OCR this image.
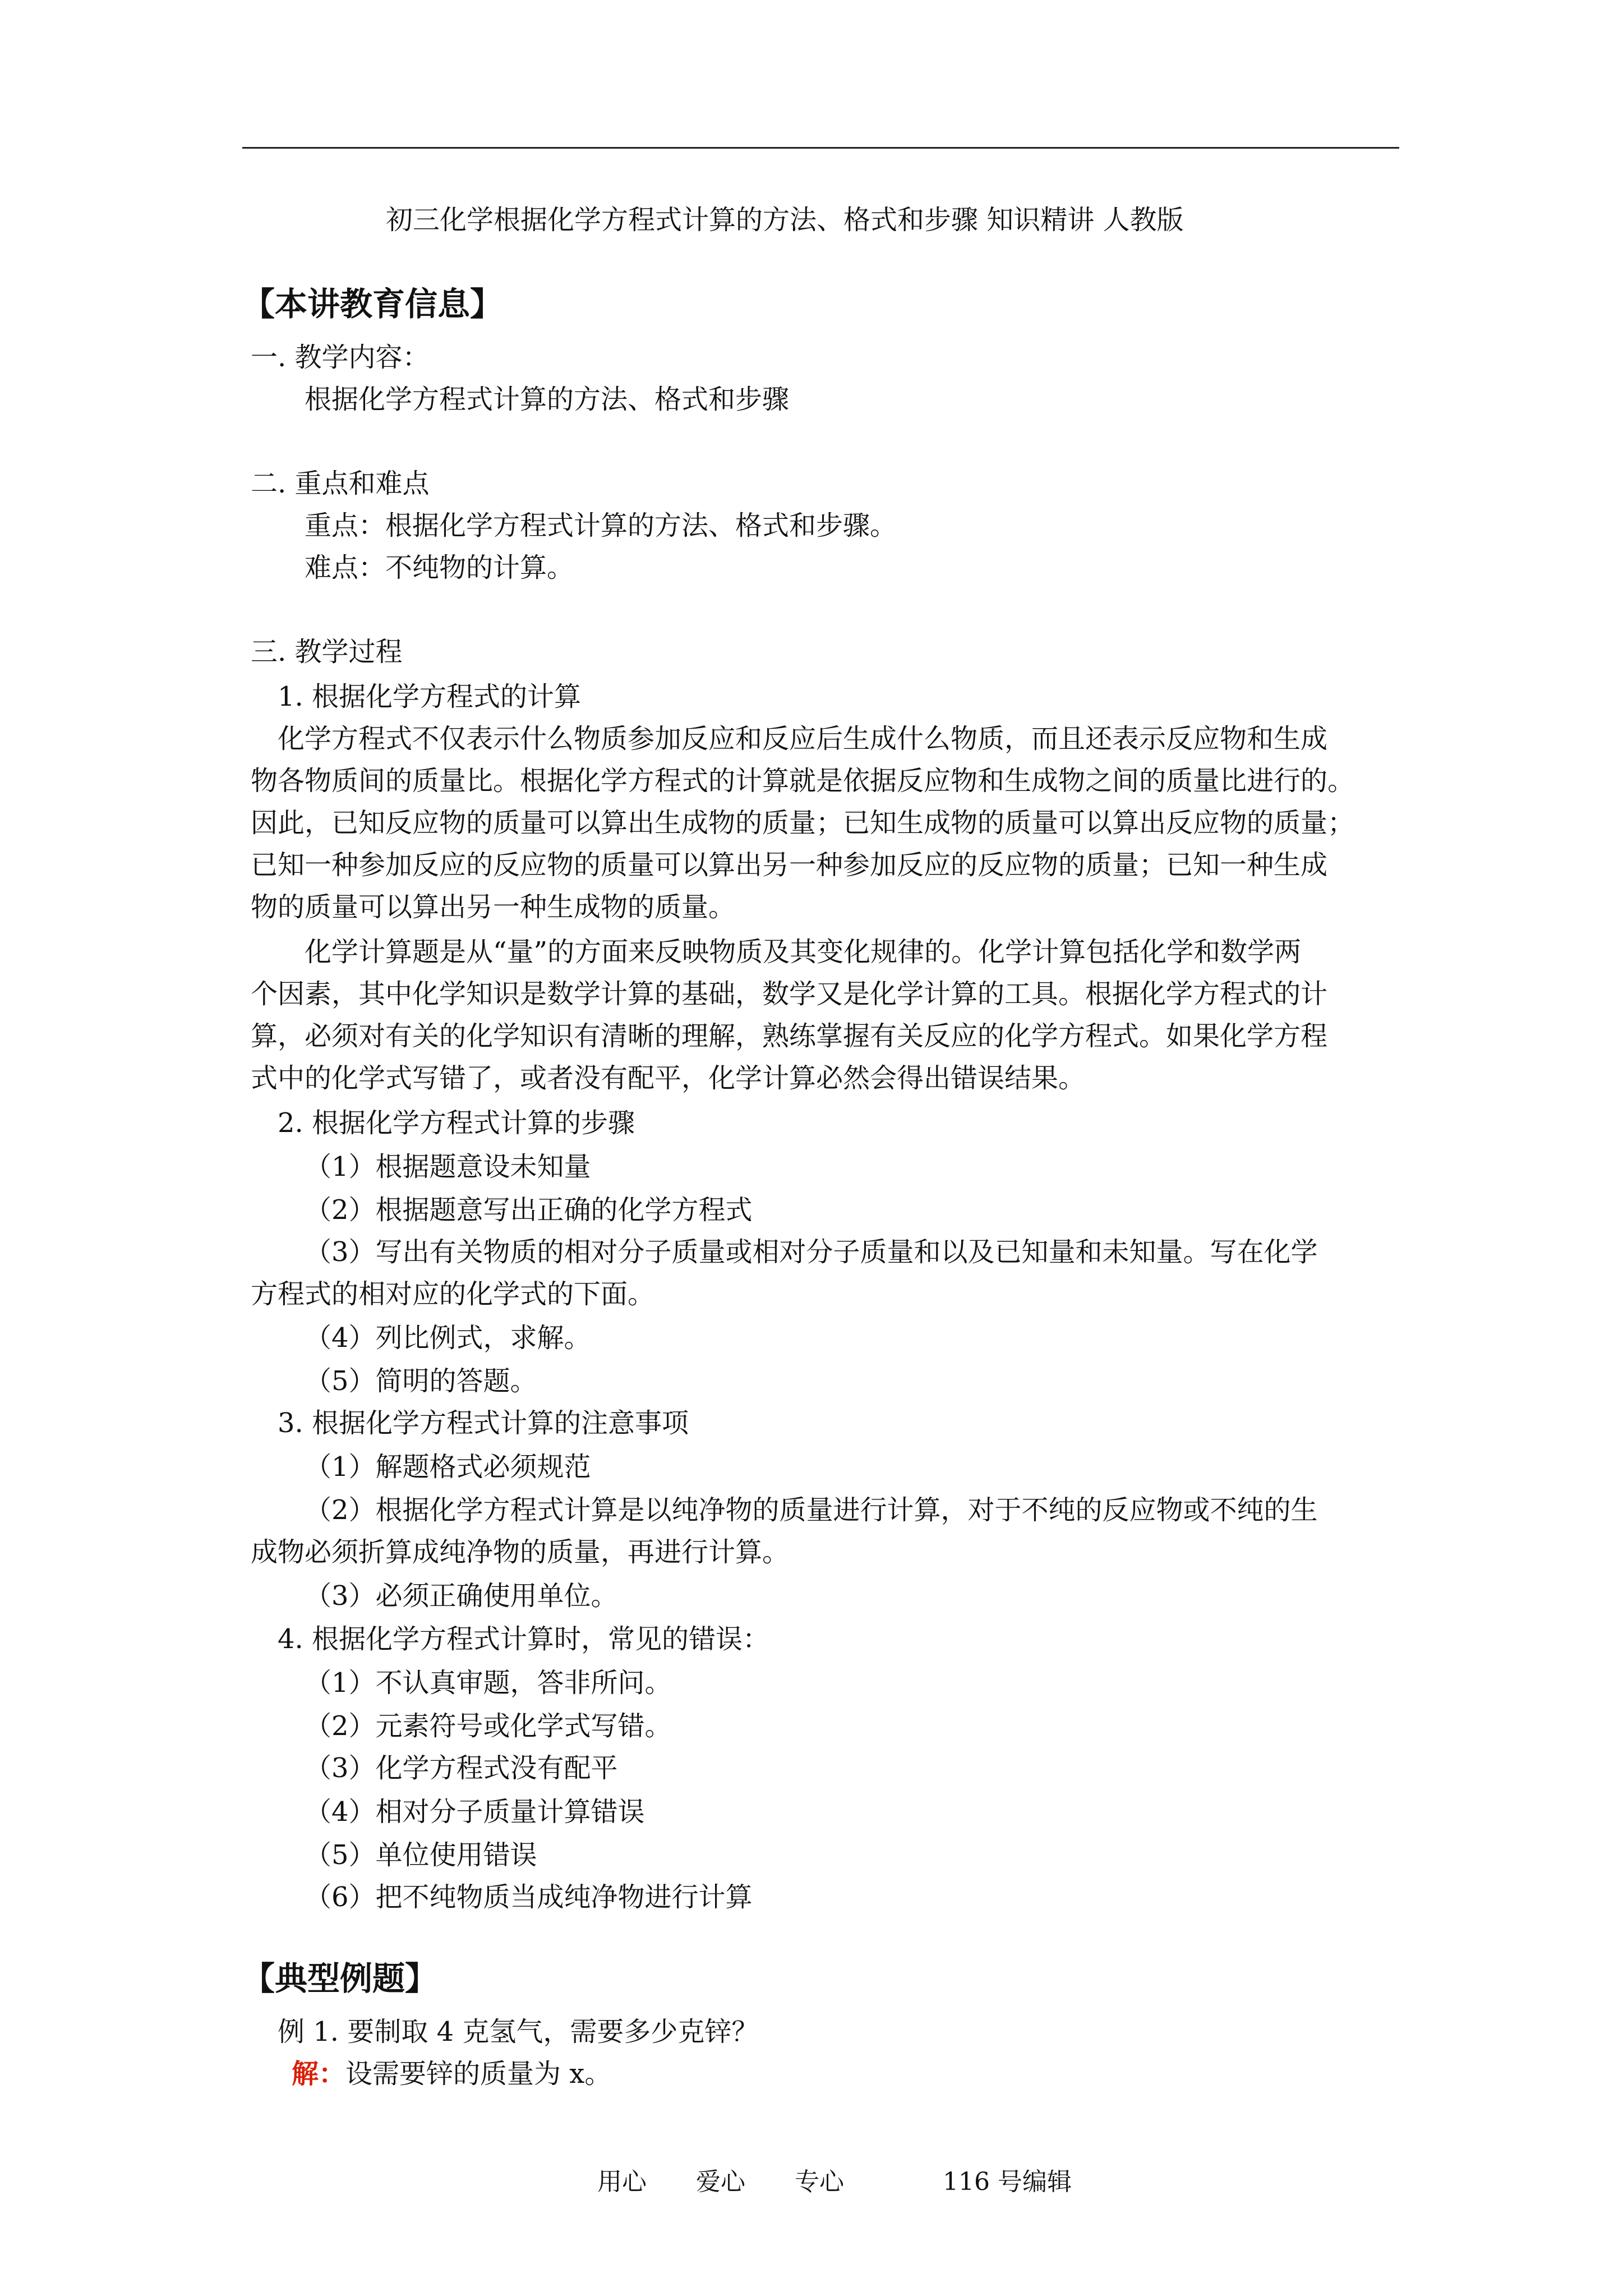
初三化学根据化学方程式计算的方法、格式和步骤 知识精讲 人教版
【本讲教育信息】
一. 教学内容：
根据化学方程式计算的方法、格式和步骤
二. 重点和难点
重点：根据化学方程式计算的方法、格式和步骤。
难点：不纯物的计算。
三. 教学过程
1. 根据化学方程式的计算
化学方程式不仅表示什么物质参加反应和反应后生成什么物质，而且还表示反应物和生成
物各物质间的质量比。根据化学方程式的计算就是依据反应物和生成物之间的质量比进行的。
因此，已知反应物的质量可以算出生成物的质量；已知生成物的质量可以算出反应物的质量；
已知一种参加反应的反应物的质量可以算出另一种参加反应的反应物的质量；已知一种生成
物的质量可以算出另一种生成物的质量。
化学计算题是从“量”的方面来反映物质及其变化规律的。化学计算包括化学和数学两
个因素，其中化学知识是数学计算的基础，数学又是化学计算的工具。根据化学方程式的计
算，必须对有关的化学知识有清晰的理解，熟练掌握有关反应的化学方程式。如果化学方程
式中的化学式写错了，或者没有配平，化学计算必然会得出错误结果。
2. 根据化学方程式计算的步骤
（1）根据题意设未知量
（2）根据题意写出正确的化学方程式
（3）写出有关物质的相对分子质量或相对分子质量和以及已知量和未知量。写在化学
方程式的相对应的化学式的下面。
（4）列比例式，求解。
（5）简明的答题。
3. 根据化学方程式计算的注意事项
（1）解题格式必须规范
（2）根据化学方程式计算是以纯净物的质量进行计算，对于不纯的反应物或不纯的生
成物必须折算成纯净物的质量，再进行计算。
（3）必须正确使用单位。
4. 根据化学方程式计算时，常见的错误：
（1）不认真审题，答非所问。
（2）元素符号或化学式写错。
（3）化学方程式没有配平
（4）相对分子质量计算错误
（5）单位使用错误
（6）把不纯物质当成纯净物进行计算
【典型例题】
例 1. 要制取 4 克氢气，需要多少克锌？
解：设需要锌的质量为 x。
用心　　爱心　　专心　　　　116 号编辑
